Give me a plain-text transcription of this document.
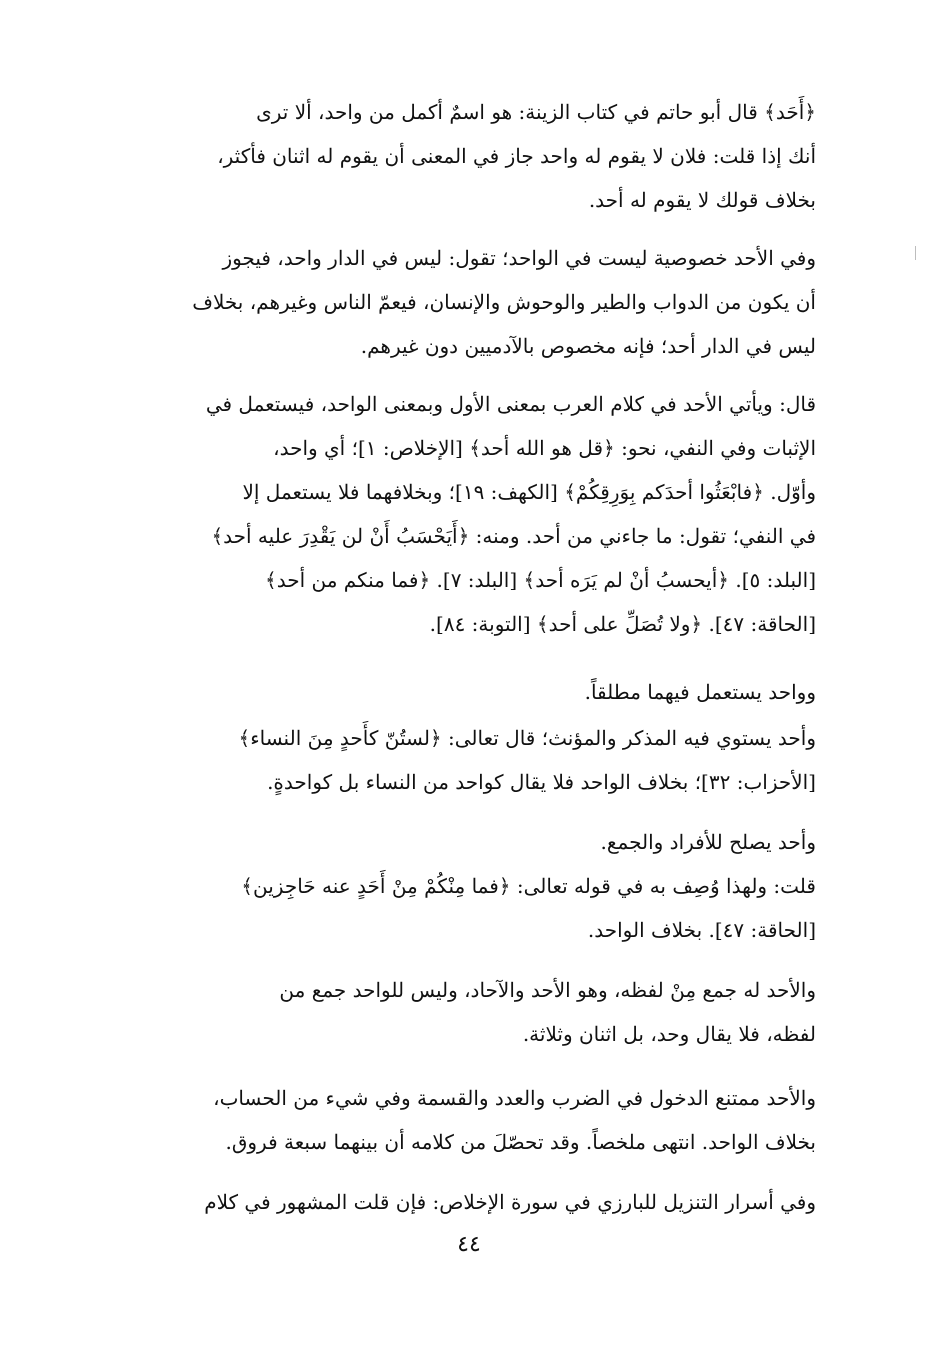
﴿أَحَد﴾ قال أبو حاتم في كتاب الزينة: هو اسمٌ أكمل من واحد، ألا ترى
أنك إذا قلت: فلان لا يقوم له واحد جاز في المعنى أن يقوم له اثنان فأكثر،
بخلاف قولك لا يقوم له أحد.

وفي الأحد خصوصية ليست في الواحد؛ تقول: ليس في الدار واحد، فيجوز
أن يكون من الدواب والطير والوحوش والإنسان، فيعمّ الناس وغيرهم، بخلاف
ليس في الدار أحد؛ فإنه مخصوص بالآدميين دون غيرهم.

قال: ويأتي الأحد في كلام العرب بمعنى الأول وبمعنى الواحد، فيستعمل في
الإثبات وفي النفي، نحو: ﴿قل هو الله أحد﴾ [الإخلاص: ١]؛ أي واحد،
وأوّل. ﴿فابْعَثُوا أحدَكم بِوَرِقِكُمْ﴾ [الكهف: ١٩]؛ وبخلافهما فلا يستعمل إلا
في النفي؛ تقول: ما جاءني من أحد. ومنه: ﴿أَيَحْسَبُ أَنْ لن يَقْدِرَ عليه أحد﴾
[البلد: ٥]. ﴿أيحسبُ أنْ لم يَرَه أحد﴾ [البلد: ٧]. ﴿فما منكم من أحد﴾
[الحاقة: ٤٧]. ﴿ولا تُصَلِّ على أحد﴾ [التوبة: ٨٤].

وواحد يستعمل فيهما مطلقاً.

وأحد يستوي فيه المذكر والمؤنث؛ قال تعالى: ﴿لستُنّ كأَحدٍ مِنَ النساء﴾
[الأحزاب: ٣٢]؛ بخلاف الواحد فلا يقال كواحد من النساء بل كواحدةٍ.

وأحد يصلح للأفراد والجمع.

قلت: ولهذا وُصِف به في قوله تعالى: ﴿فما مِنْكُمْ مِنْ أَحَدٍ عنه حَاجِزين﴾
[الحاقة: ٤٧]. بخلاف الواحد.

والأحد له جمع مِنْ لفظه، وهو الأحد والآحاد، وليس للواحد جمع من
لفظه، فلا يقال وحد، بل اثنان وثلاثة.

والأحد ممتنع الدخول في الضرب والعدد والقسمة وفي شيء من الحساب،
بخلاف الواحد. انتهى ملخصاً. وقد تحصّلَ من كلامه أن بينهما سبعة فروق.

وفي أسرار التنزيل للبارزي في سورة الإخلاص: فإن قلت المشهور في كلام

٤٤
